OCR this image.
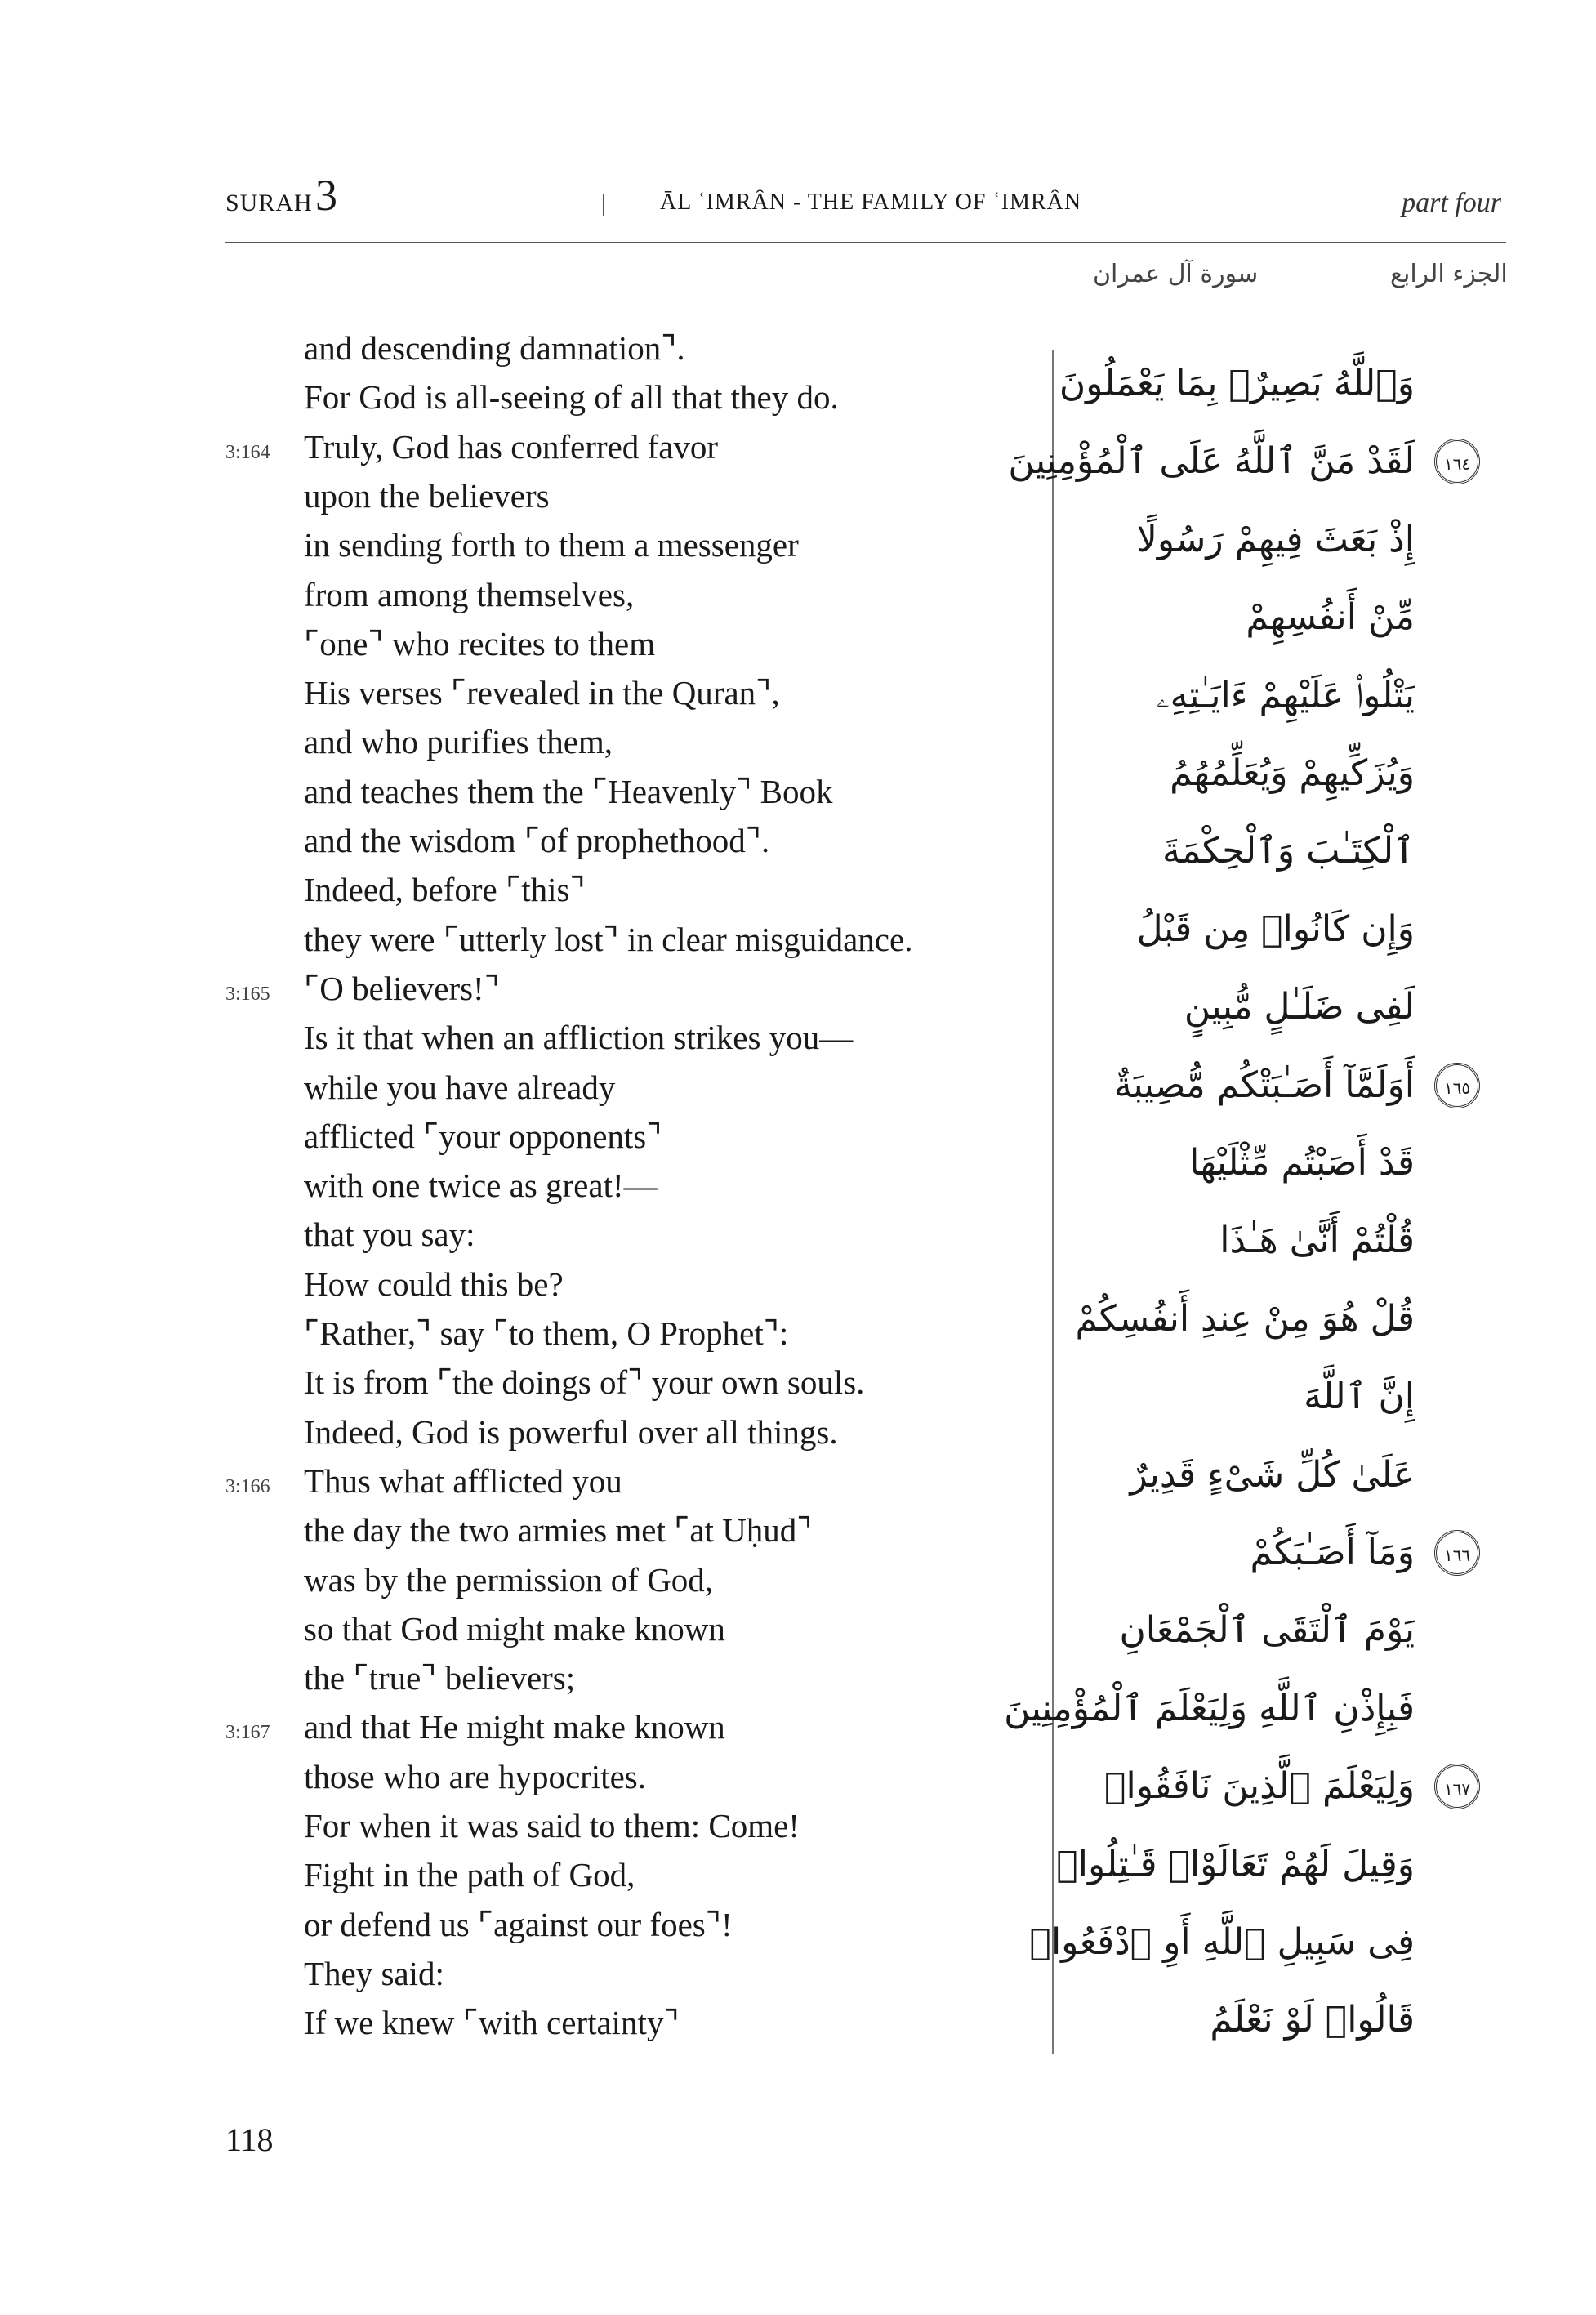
SURAH 3	| ĀL ʿIMRÂN - THE FAMILY OF ʿIMRÂN	part four
الجزء الرابع
سورة آل عمران
and descending damnation⌝.
For God is all-seeing of all that they do.
3:164 Truly, God has conferred favor
upon the believers
in sending forth to them a messenger
from among themselves,
⌜one⌝ who recites to them
His verses ⌜revealed in the Quran⌝,
and who purifies them,
and teaches them the ⌜Heavenly⌝ Book
and the wisdom ⌜of prophethood⌝.
Indeed, before ⌜this⌝
they were ⌜utterly lost⌝ in clear misguidance.
3:165 ⌜O believers!⌝
Is it that when an affliction strikes you—
while you have already
afflicted ⌜your opponents⌝
with one twice as great!—
that you say:
How could this be?
⌜Rather,⌝ say ⌜to them, O Prophet⌝:
It is from ⌜the doings of⌝ your own souls.
Indeed, God is powerful over all things.
3:166 Thus what afflicted you
the day the two armies met ⌜at Uḥud⌝
was by the permission of God,
so that God might make known
the ⌜true⌝ believers;
3:167 and that He might make known
those who are hypocrites.
For when it was said to them: Come!
Fight in the path of God,
or defend us ⌜against our foes⌝!
They said:
If we knew ⌜with certainty⌝
وَٱللَّهُ بَصِيرٌۢ بِمَا يَعْمَلُونَ
لَقَدْ مَنَّ ٱللَّهُ عَلَى ٱلْمُؤْمِنِينَ	١٦٤
إِذْ بَعَثَ فِيهِمْ رَسُولًا
مِّنْ أَنفُسِهِمْ
يَتْلُوا۟ عَلَيْهِمْ ءَايَـٰتِهِۦ
وَيُزَكِّيهِمْ وَيُعَلِّمُهُمُ
ٱلْكِتَـٰبَ وَٱلْحِكْمَةَ
وَإِن كَانُوا۟ مِن قَبْلُ
لَفِى ضَلَـٰلٍ مُّبِينٍ
أَوَلَمَّآ أَصَـٰبَتْكُم مُّصِيبَةٌ	١٦٥
قَدْ أَصَبْتُم مِّثْلَيْهَا
قُلْتُمْ أَنَّىٰ هَـٰذَا
قُلْ هُوَ مِنْ عِندِ أَنفُسِكُمْ
إِنَّ ٱللَّهَ
عَلَىٰ كُلِّ شَىْءٍ قَدِيرٌ
وَمَآ أَصَـٰبَكُمْ	١٦٦
يَوْمَ ٱلْتَقَى ٱلْجَمْعَانِ
فَبِإِذْنِ ٱللَّهِ وَلِيَعْلَمَ ٱلْمُؤْمِنِينَ
وَلِيَعْلَمَ ٱلَّذِينَ نَافَقُوا۟	١٦٧
وَقِيلَ لَهُمْ تَعَالَوْا۟ قَـٰتِلُوا۟
فِى سَبِيلِ ٱللَّهِ أَوِ ٱدْفَعُوا۟
قَالُوا۟ لَوْ نَعْلَمُ
118
